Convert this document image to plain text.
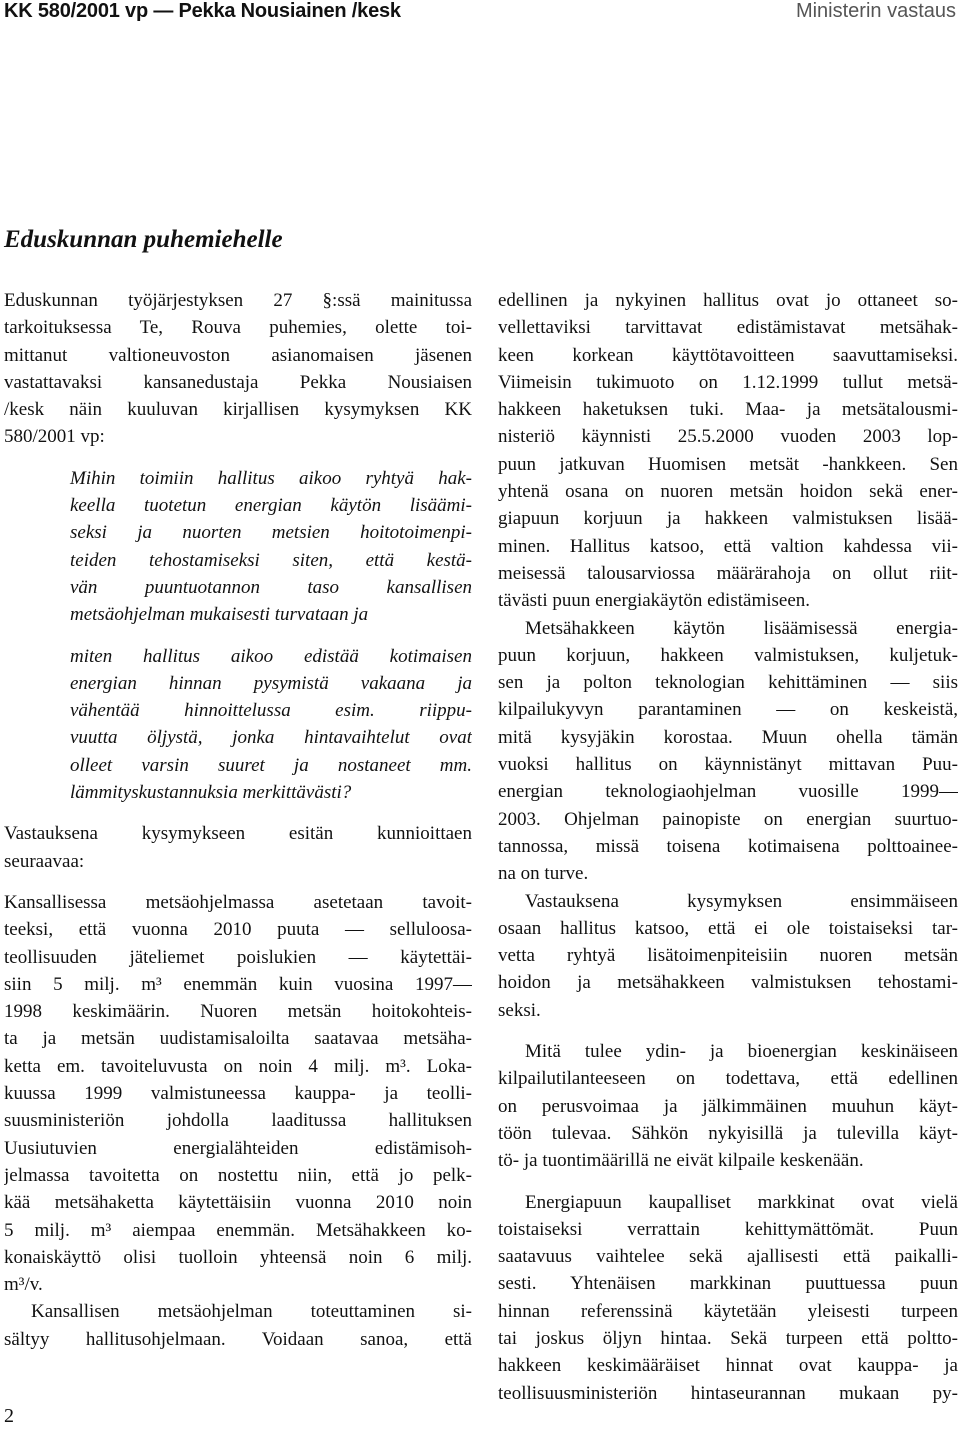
KK 580/2001 vp — Pekka Nousiainen /kesk	Ministerin vastaus
Eduskunnan puhemiehelle
Eduskunnan työjärjestyksen 27 §:ssä mainitussa
tarkoituksessa Te, Rouva puhemies, olette toi-
mittanut valtioneuvoston asianomaisen jäsenen
vastattavaksi kansanedustaja Pekka Nousiaisen
/kesk näin kuuluvan kirjallisen kysymyksen KK
580/2001 vp:
Mihin toimiin hallitus aikoo ryhtyä hak-
keella tuotetun energian käytön lisäämi-
seksi ja nuorten metsien hoitotoimenpi-
teiden tehostamiseksi siten, että kestä-
vän puuntuotannon taso kansallisen
metsäohjelman mukaisesti turvataan ja
miten hallitus aikoo edistää kotimaisen
energian hinnan pysymistä vakaana ja
vähentää hinnoittelussa esim. riippu-
vuutta öljystä, jonka hintavaihtelut ovat
olleet varsin suuret ja nostaneet mm.
lämmityskustannuksia merkittävästi?
Vastauksena kysymykseen esitän kunnioittaen
seuraavaa:
Kansallisessa metsäohjelmassa asetetaan tavoit-
teeksi, että vuonna 2010 puuta — selluloosa-
teollisuuden jäteliemet poislukien — käytettäi-
siin 5 milj. m³ enemmän kuin vuosina 1997—
1998 keskimäärin. Nuoren metsän hoitokohteis-
ta ja metsän uudistamisaloilta saatavaa metsäha-
ketta em. tavoiteluvusta on noin 4 milj. m³. Loka-
kuussa 1999 valmistuneessa kauppa- ja teolli-
suusministeriön johdolla laaditussa hallituksen
Uusiutuvien energialähteiden edistämisoh-
jelmassa tavoitetta on nostettu niin, että jo pelk-
kää metsähaketta käytettäisiin vuonna 2010 noin
5 milj. m³ aiempaa enemmän. Metsähakkeen ko-
konaiskäyttö olisi tuolloin yhteensä noin 6 milj.
m³/v.
Kansallisen metsäohjelman toteuttaminen si-
sältyy hallitusohjelmaan. Voidaan sanoa, että
edellinen ja nykyinen hallitus ovat jo ottaneet so-
vellettaviksi tarvittavat edistämistavat metsähak-
keen korkean käyttötavoitteen saavuttamiseksi.
Viimeisin tukimuoto on 1.12.1999 tullut metsä-
hakkeen haketuksen tuki. Maa- ja metsätalousmi-
nisteriö käynnisti 25.5.2000 vuoden 2003 lop-
puun jatkuvan Huomisen metsät -hankkeen. Sen
yhtenä osana on nuoren metsän hoidon sekä ener-
giapuun korjuun ja hakkeen valmistuksen lisää-
minen. Hallitus katsoo, että valtion kahdessa vii-
meisessä talousarviossa määrärahoja on ollut riit-
tävästi puun energiakäytön edistämiseen.
Metsähakkeen käytön lisäämisessä energia-
puun korjuun, hakkeen valmistuksen, kuljetuk-
sen ja polton teknologian kehittäminen — siis
kilpailukyvyn parantaminen — on keskeistä,
mitä kysyjäkin korostaa. Muun ohella tämän
vuoksi hallitus on käynnistänyt mittavan Puu-
energian teknologiaohjelman vuosille 1999—
2003. Ohjelman painopiste on energian suurtuo-
tannossa, missä toisena kotimaisena polttoainee-
na on turve.
Vastauksena kysymyksen ensimmäiseen
osaan hallitus katsoo, että ei ole toistaiseksi tar-
vetta ryhtyä lisätoimenpiteisiin nuoren metsän
hoidon ja metsähakkeen valmistuksen tehostami-
seksi.
Mitä tulee ydin- ja bioenergian keskinäiseen
kilpailutilanteeseen on todettava, että edellinen
on perusvoimaa ja jälkimmäinen muuhun käyt-
töön tulevaa. Sähkön nykyisillä ja tulevilla käyt-
tö- ja tuontimäärillä ne eivät kilpaile keskenään.
Energiapuun kaupalliset markkinat ovat vielä
toistaiseksi verrattain kehittymättömät. Puun
saatavuus vaihtelee sekä ajallisesti että paikalli-
sesti. Yhtenäisen markkinan puuttuessa puun
hinnan referenssinä käytetään yleisesti turpeen
tai joskus öljyn hintaa. Sekä turpeen että poltto-
hakkeen keskimääräiset hinnat ovat kauppa- ja
teollisuusministeriön hintaseurannan mukaan py-
2
